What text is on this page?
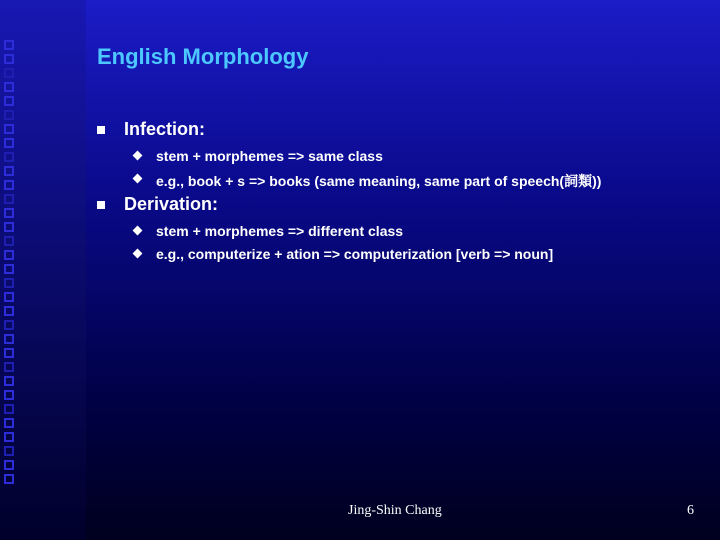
English Morphology
Infection:
stem + morphemes => same class
e.g., book + s => books (same meaning, same part of speech(詞類))
Derivation:
stem + morphemes => different class
e.g., computerize + ation => computerization [verb => noun]
Jing-Shin Chang	6
